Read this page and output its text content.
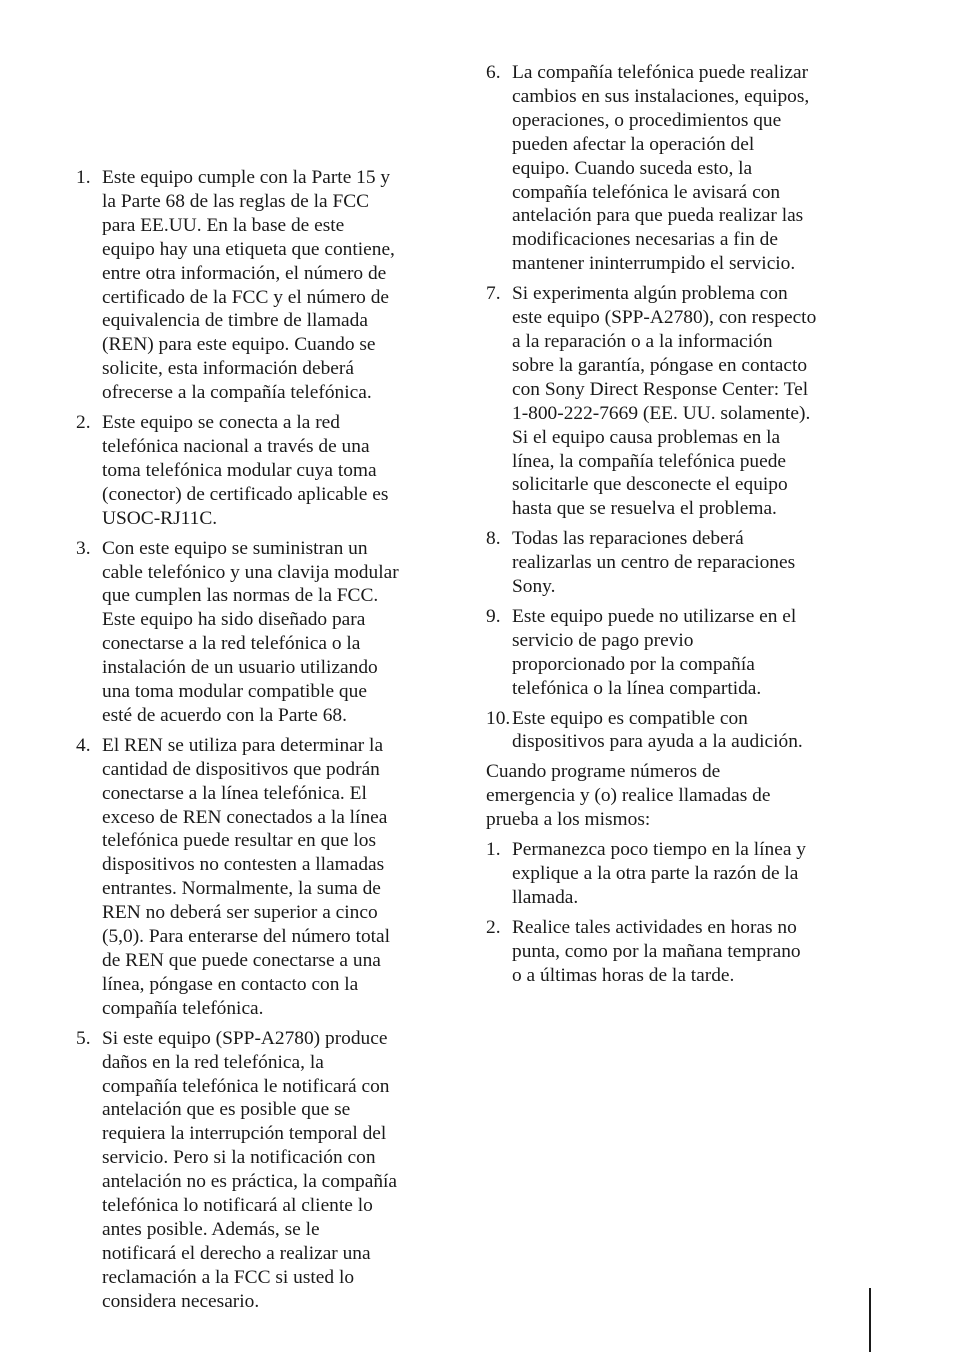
1. Este equipo cumple con la Parte 15 y
la Parte 68 de las reglas de la FCC
para EE.UU. En la base de este
equipo hay una etiqueta que contiene,
entre otra información, el número de
certificado de la FCC y el número de
equivalencia de timbre de llamada
(REN) para este equipo. Cuando se
solicite, esta información deberá
ofrecerse a la compañía telefónica.
2. Este equipo se conecta a la red
telefónica nacional a través de una
toma telefónica modular cuya toma
(conector) de certificado aplicable es
USOC-RJ11C.
3. Con este equipo se suministran un
cable telefónico y una clavija modular
que cumplen las normas de la FCC.
Este equipo ha sido diseñado para
conectarse a la red telefónica o la
instalación de un usuario utilizando
una toma modular compatible que
esté de acuerdo con la Parte 68.
4. El REN se utiliza para determinar la
cantidad de dispositivos que podrán
conectarse a la línea telefónica. El
exceso de REN conectados a la línea
telefónica puede resultar en que los
dispositivos no contesten a llamadas
entrantes. Normalmente, la suma de
REN no deberá ser superior a cinco
(5,0). Para enterarse del número total
de REN que puede conectarse a una
línea, póngase en contacto con la
compañía telefónica.
5. Si este equipo (SPP-A2780) produce
daños en la red telefónica, la
compañía telefónica le notificará con
antelación que es posible que se
requiera la interrupción temporal del
servicio. Pero si la notificación con
antelación no es práctica, la compañía
telefónica lo notificará al cliente lo
antes posible. Además, se le
notificará el derecho a realizar una
reclamación a la FCC si usted lo
considera necesario.
6. La compañía telefónica puede realizar
cambios en sus instalaciones, equipos,
operaciones, o procedimientos que
pueden afectar la operación del
equipo. Cuando suceda esto, la
compañía telefónica le avisará con
antelación para que pueda realizar las
modificaciones necesarias a fin de
mantener ininterrumpido el servicio.
7. Si experimenta algún problema con
este equipo (SPP-A2780), con respecto
a la reparación o a la información
sobre la garantía, póngase en contacto
con Sony Direct Response Center: Tel
1-800-222-7669 (EE. UU. solamente).
Si el equipo causa problemas en la
línea, la compañía telefónica puede
solicitarle que desconecte el equipo
hasta que se resuelva el problema.
8. Todas las reparaciones deberá
realizarlas un centro de reparaciones
Sony.
9. Este equipo puede no utilizarse en el
servicio de pago previo
proporcionado por la compañía
telefónica o la línea compartida.
10. Este equipo es compatible con
dispositivos para ayuda a la audición.
Cuando programe números de
emergencia y (o) realice llamadas de
prueba a los mismos:
1. Permanezca poco tiempo en la línea y
explique a la otra parte la razón de la
llamada.
2. Realice tales actividades en horas no
punta, como por la mañana temprano
o a últimas horas de la tarde.
